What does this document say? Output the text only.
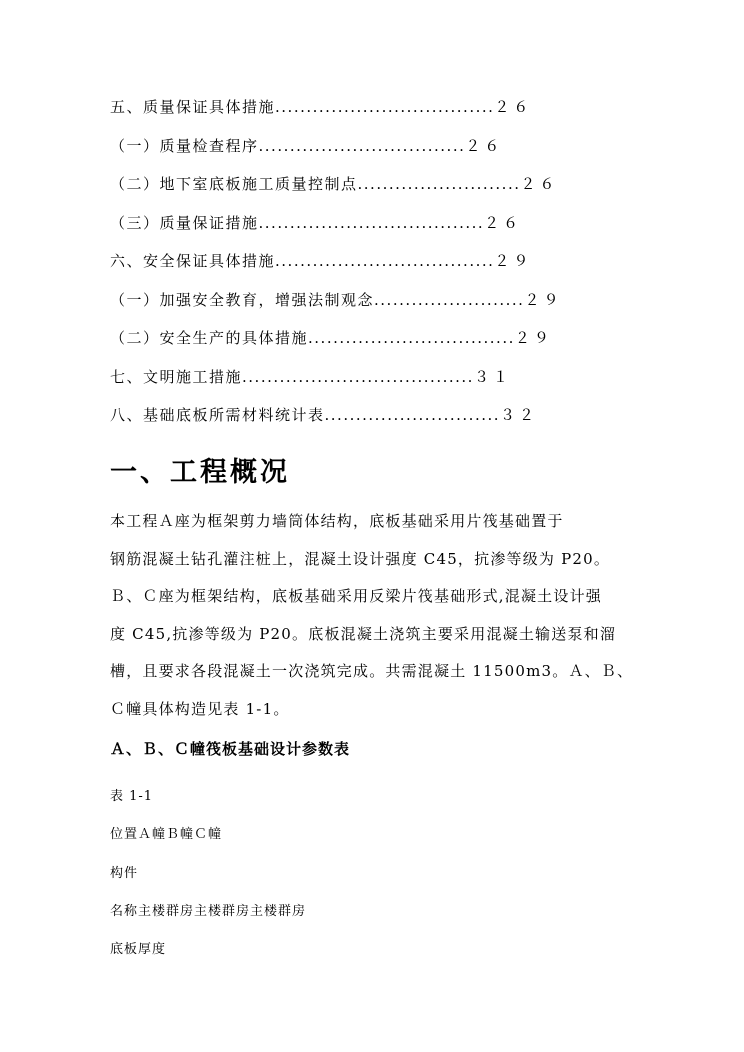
五、质量保证具体措施...................................２６
（一）质量检查程序.................................２６
（二）地下室底板施工质量控制点..........................２６
（三）质量保证措施....................................２６
六、安全保证具体措施...................................２９
（一）加强安全教育，增强法制观念........................２９
（二）安全生产的具体措施.................................２９
七、文明施工措施.....................................３１
八、基础底板所需材料统计表............................３２
一、工程概况
本工程Ａ座为框架剪力墙筒体结构，底板基础采用片筏基础置于
钢筋混凝土钻孔灌注桩上，混凝土设计强度 C45，抗渗等级为 P20。
Ｂ、Ｃ座为框架结构，底板基础采用反梁片筏基础形式,混凝土设计强
度 C45,抗渗等级为 P20。底板混凝土浇筑主要采用混凝土输送泵和溜
槽，且要求各段混凝土一次浇筑完成。共需混凝土 11500m3。Ａ、Ｂ、
Ｃ幢具体构造见表 1-1。
Ａ、Ｂ、Ｃ幢筏板基础设计参数表
表 1-1
位置Ａ幢Ｂ幢Ｃ幢
构件
名称主楼群房主楼群房主楼群房
底板厚度
